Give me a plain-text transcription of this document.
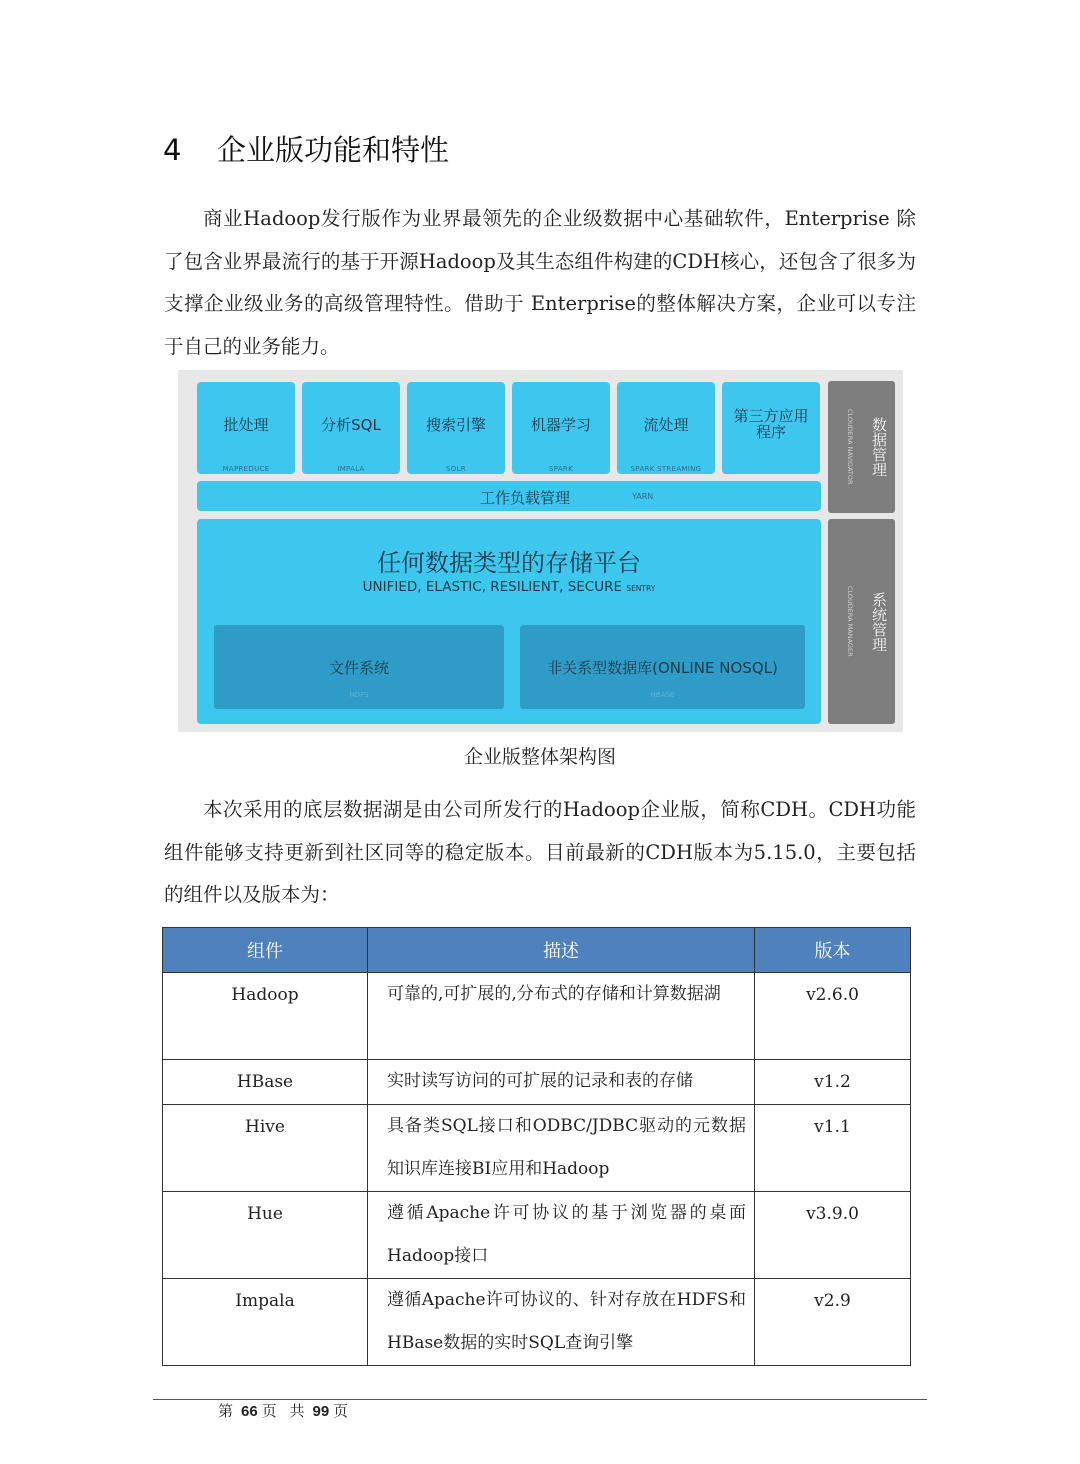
4 企业版功能和特性

商业Hadoop发行版作为业界最领先的企业级数据中心基础软件，Enterprise 除了包含业界最流行的基于开源Hadoop及其生态组件构建的CDH核心，还包含了很多为支撑企业级业务的高级管理特性。借助于 Enterprise的整体解决方案，企业可以专注于自己的业务能力。

批处理
MAPREDUCE
分析SQL
IMPALA
搜索引擎
SOLR
机器学习
SPARK
流处理
SPARK STREAMING
第三方应用程序
工作负载管理	YARN
任何数据类型的存储平台
UNIFIED, ELASTIC, RESILIENT, SECURE SENTRY
文件系统
HDFS
非关系型数据库(ONLINE NOSQL)
HBASE
CLOUDERA NAVIGATOR	数据管理
CLOUDERA MANAGER	系统管理
企业版整体架构图

本次采用的底层数据湖是由公司所发行的Hadoop企业版，简称CDH。CDH功能组件能够支持更新到社区同等的稳定版本。目前最新的CDH版本为5.15.0，主要包括的组件以及版本为：

组件	描述	版本
Hadoop	可靠的,可扩展的,分布式的存储和计算数据湖	v2.6.0
HBase	实时读写访问的可扩展的记录和表的存储	v1.2
Hive	具备类SQL接口和ODBC/JDBC驱动的元数据知识库连接BI应用和Hadoop	v1.1
Hue	遵循Apache许可协议的基于浏览器的桌面Hadoop接口	v3.9.0
Impala	遵循Apache许可协议的、针对存放在HDFS和HBase数据的实时SQL查询引擎	v2.9
第 66 页 共 99 页
